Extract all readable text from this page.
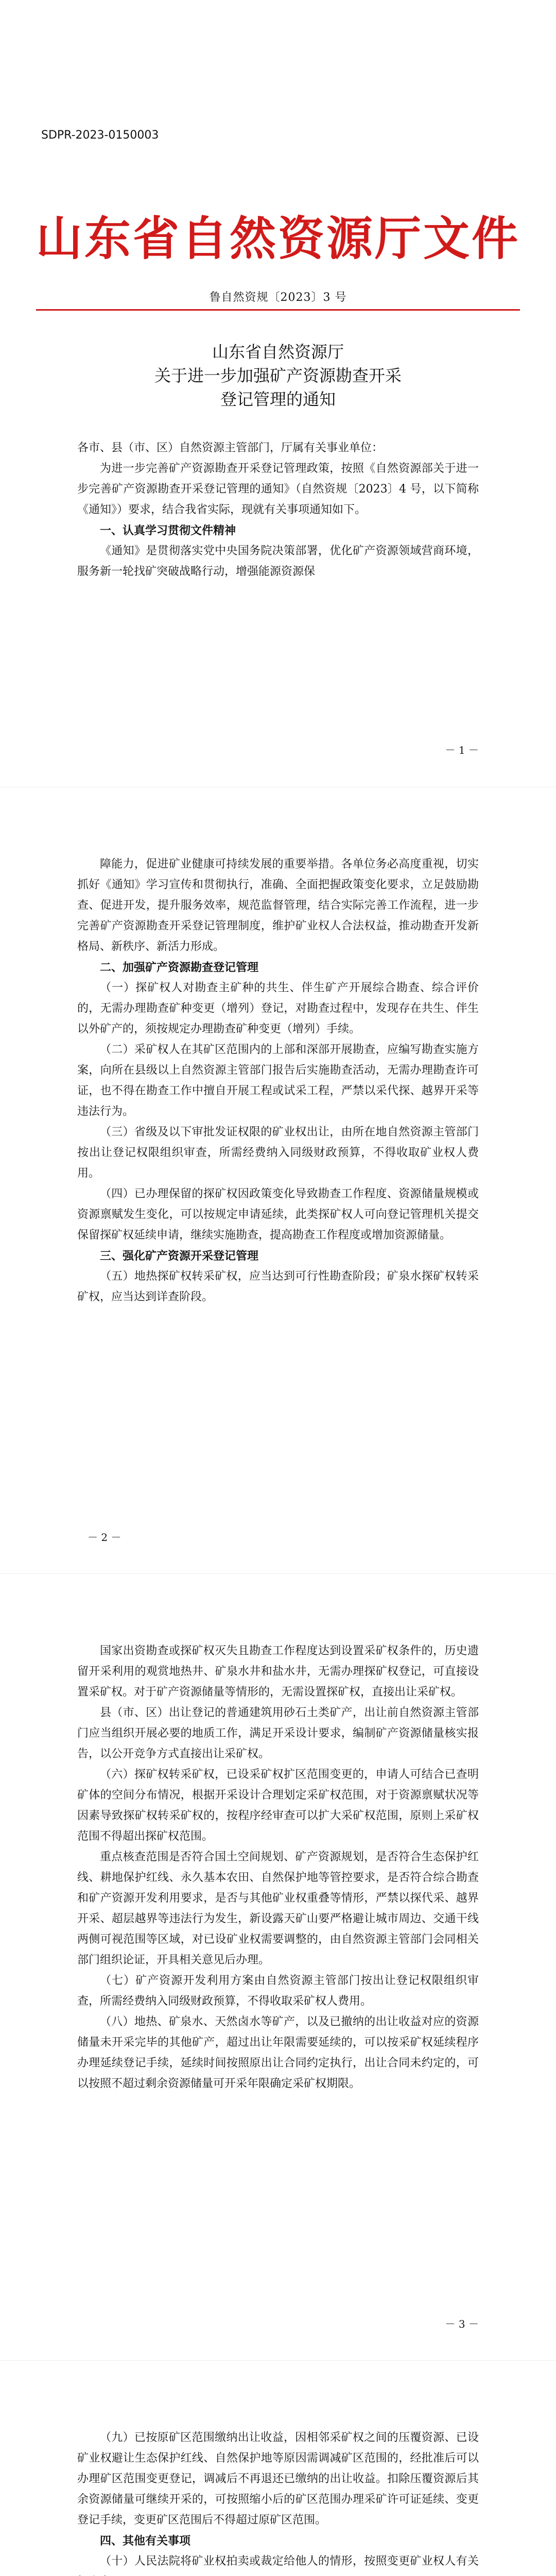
SDPR-2023-0150003
山东省自然资源厅文件
鲁自然资规〔2023〕3 号
山东省自然资源厅
关于进一步加强矿产资源勘查开采
登记管理的通知

各市、县（市、区）自然资源主管部门，厅属有关事业单位：

为进一步完善矿产资源勘查开采登记管理政策，按照《自然资源部关于进一步完善矿产资源勘查开采登记管理的通知》（自然资规〔2023〕4 号，以下简称《通知》）要求，结合我省实际，现就有关事项通知如下。

一、认真学习贯彻文件精神

《通知》是贯彻落实党中央国务院决策部署，优化矿产资源领域营商环境，服务新一轮找矿突破战略行动，增强能源资源保

－ 1 －

障能力，促进矿业健康可持续发展的重要举措。各单位务必高度重视，切实抓好《通知》学习宣传和贯彻执行，准确、全面把握政策变化要求，立足鼓励勘查、促进开发，提升服务效率，规范监督管理，结合实际完善工作流程，进一步完善矿产资源勘查开采登记管理制度，维护矿业权人合法权益，推动勘查开发新格局、新秩序、新活力形成。

二、加强矿产资源勘查登记管理

（一）探矿权人对勘查主矿种的共生、伴生矿产开展综合勘查、综合评价的，无需办理勘查矿种变更（增列）登记，对勘查过程中，发现存在共生、伴生以外矿产的，须按规定办理勘查矿种变更（增列）手续。

（二）采矿权人在其矿区范围内的上部和深部开展勘查，应编写勘查实施方案，向所在县级以上自然资源主管部门报告后实施勘查活动，无需办理勘查许可证，也不得在勘查工作中擅自开展工程或试采工程，严禁以采代探、越界开采等违法行为。

（三）省级及以下审批发证权限的矿业权出让，由所在地自然资源主管部门按出让登记权限组织审查，所需经费纳入同级财政预算，不得收取矿业权人费用。

（四）已办理保留的探矿权因政策变化导致勘查工作程度、资源储量规模或资源禀赋发生变化，可以按规定申请延续，此类探矿权人可向登记管理机关提交保留探矿权延续申请，继续实施勘查，提高勘查工作程度或增加资源储量。

三、强化矿产资源开采登记管理

（五）地热探矿权转采矿权，应当达到可行性勘查阶段；矿泉水探矿权转采矿权，应当达到详查阶段。

－ 2 －

国家出资勘查或探矿权灭失且勘查工作程度达到设置采矿权条件的，历史遗留开采利用的观赏地热井、矿泉水井和盐水井，无需办理探矿权登记，可直接设置采矿权。对于矿产资源储量等情形的，无需设置探矿权，直接出让采矿权。

县（市、区）出让登记的普通建筑用砂石土类矿产，出让前自然资源主管部门应当组织开展必要的地质工作，满足开采设计要求，编制矿产资源储量核实报告，以公开竞争方式直接出让采矿权。

（六）探矿权转采矿权，已设采矿权扩区范围变更的，申请人可结合已查明矿体的空间分布情况，根据开采设计合理划定采矿权范围，对于资源禀赋状况等因素导致探矿权转采矿权的，按程序经审查可以扩大采矿权范围，原则上采矿权范围不得超出探矿权范围。

重点核查范围是否符合国土空间规划、矿产资源规划，是否符合生态保护红线、耕地保护红线、永久基本农田、自然保护地等管控要求，是否符合综合勘查和矿产资源开发利用要求，是否与其他矿业权重叠等情形，严禁以探代采、越界开采、超层越界等违法行为发生，新设露天矿山要严格避让城市周边、交通干线两侧可视范围等区域，对已设矿业权需要调整的，由自然资源主管部门会同相关部门组织论证，开具相关意见后办理。

（七）矿产资源开发利用方案由自然资源主管部门按出让登记权限组织审查，所需经费纳入同级财政预算，不得收取采矿权人费用。

（八）地热、矿泉水、天然卤水等矿产，以及已撤纳的出让收益对应的资源储量未开采完毕的其他矿产，超过出让年限需要延续的，可以按采矿权延续程序办理延续登记手续，延续时间按照原出让合同约定执行，出让合同未约定的，可以按照不超过剩余资源储量可开采年限确定采矿权期限。

－ 3 －

（九）已按原矿区范围缴纳出让收益，因相邻采矿权之间的压覆资源、已设矿业权避让生态保护红线、自然保护地等原因需调减矿区范围的，经批准后可以办理矿区范围变更登记，调减后不再退还已缴纳的出让收益。扣除压覆资源后其余资源储量可继续开采的，可按照缩小后的矿区范围办理采矿许可证延续、变更登记手续，变更矿区范围后不得超过原矿区范围。

四、其他有关事项

（十）人民法院将矿业权拍卖或裁定给他人的情形，按照变更矿业权人有关
